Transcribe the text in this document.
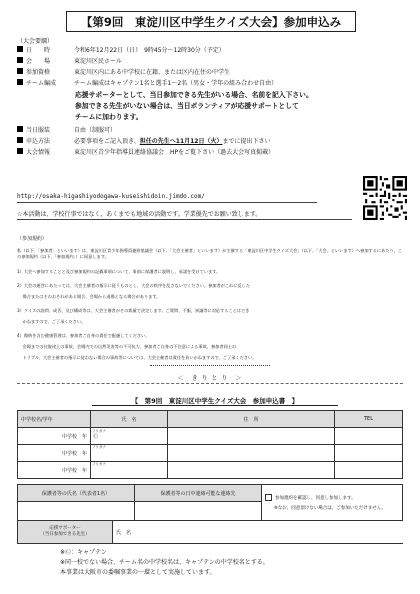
【第9回　東淀川区中学生クイズ大会】参加申込み
（大会要綱）
日　　時	令和6年12月22日（日）　9時45分～12時30分（予定）
会　　場	東淀川区民ホール
参加資格	東淀川区内にある中学校に在籍、または区内在住の中学生
チーム編成	チーム編成はキャプテン1名と選手1～2名（男女・学年の組み合わせ自由）
応援サポーターとして、当日参加できる先生がいる場合、名前を記入下さい。
参加できる先生がいない場合は、当日ボランティアが応援サポートとして
チームに加わります。
当日服装	自由（制服可）
申込方法	必要事項をご記入頂き、 担任の先生へ11月12日（火） までに提出下さい
大会情報	東淀川区青少年指導員連絡協議会　HPをご覧下さい（過去大会写真掲載）
http://osaka-higashiyodogawa-kuseishidoin.jimdo.com/
☆本活動は、学校行事ではなく、あくまでも地域の活動です。学業優先でお願い致します。
（参加規約）
私（以下、「参加者」といいます）は、東淀川区青少年指導員連絡協議会（以下、「大会主催者」といいます）が主催する「東淀川区中学生クイズ大会」（以下、「大会」といいます）へ参加するにあたり、この参加規約（以下、「参加規約」）に同意します。
1）大会へ参加することと及び参加規約の記載事項について、事前に保護者に説明し、承諾を受けています。
2）大会の運営にあたっては、大会主催者の指示に従うものとし、大会の秩序を乱さないでください。参加者がこれに反した
　 場合またはそのおそれがある場合、会場から退場となる場合があります。
3）クイズの設問、成否、及び構成等は、大会主催者がその裁量で決定します。ご質問、不服、異議等に対応することはでき
　 かねますので、ご了承ください。
4）傷病を含む健康管理は、参加者ご自身の責任で配慮してください。
　 会場までの往復途上の事故、会場内での自然災害等の不可抗力、参加者ご自身の不注意による事故、参加者同士の
　 トラブル、大会主催者の指示に従わない場合の事故等については、大会主催者は責任を負いかねますので、ご了承ください。
＜　き り と り　＞
【　第9回　東淀川区中学生クイズ大会　参加申込書　】
中学校名/学年	氏　名	住　所	TEL
中学校　 年	フリガナ
Ⓒ		

中学校　 年	フリガナ		

中学校　 年	フリガナ		

保護者等の氏名（代表者1名）	保護者等の日中連絡可能な連絡先	参加規約を確認し、同意し参加します。
※なお、同意頂けない場合は、ご参加いただけません。

応援サポーター
（当日参加できる先生）	氏　名
※Ⓒ：キャプテン
※同一校でない場合、チーム名の中学校名は、キャプテンの中学校名とする。
本事業は大阪市の委嘱事業の一環として実施しています。
